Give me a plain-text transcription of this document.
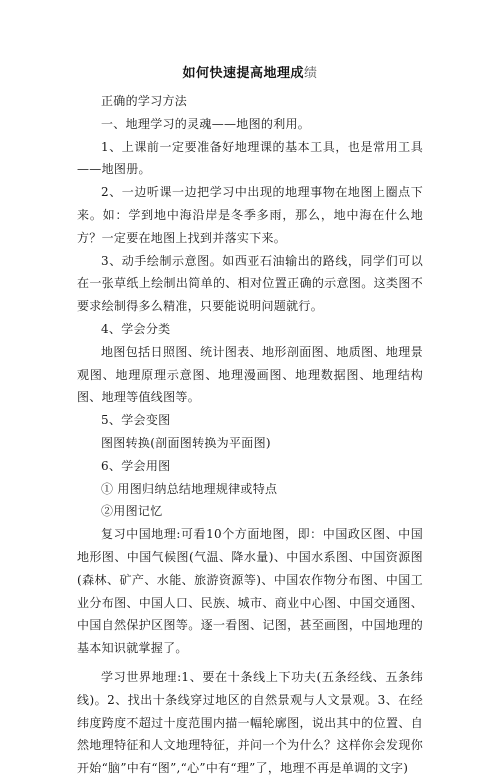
如何快速提高地理成绩

正确的学习方法

一、地理学习的灵魂——地图的利用。

1、上课前一定要准备好地理课的基本工具，也是常用工具——地图册。

2、一边听课一边把学习中出现的地理事物在地图上圈点下来。如：学到地中海沿岸是冬季多雨，那么，地中海在什么地方？一定要在地图上找到并落实下来。

3、动手绘制示意图。如西亚石油输出的路线，同学们可以在一张草纸上绘制出简单的、相对位置正确的示意图。这类图不要求绘制得多么精准，只要能说明问题就行。

4、学会分类

地图包括日照图、统计图表、地形剖面图、地质图、地理景观图、地理原理示意图、地理漫画图、地理数据图、地理结构图、地理等值线图等。

5、学会变图

图图转换(剖面图转换为平面图)

6、学会用图

① 用图归纳总结地理规律或特点

②用图记忆

复习中国地理:可看10个方面地图，即：中国政区图、中国地形图、中国气候图(气温、降水量)、中国水系图、中国资源图(森林、矿产、水能、旅游资源等)、中国农作物分布图、中国工业分布图、中国人口、民族、城市、商业中心图、中国交通图、中国自然保护区图等。逐一看图、记图，甚至画图，中国地理的基本知识就掌握了。

学习世界地理:1、要在十条线上下功夫(五条经线、五条纬线)。2、找出十条线穿过地区的自然景观与人文景观。3、在经纬度跨度不超过十度范围内描一幅轮廓图，说出其中的位置、自然地理特征和人文地理特征，并问一个为什么？这样你会发现你开始“脑”中有“图”,“心”中有“理”了，地理不再是单调的文字)
